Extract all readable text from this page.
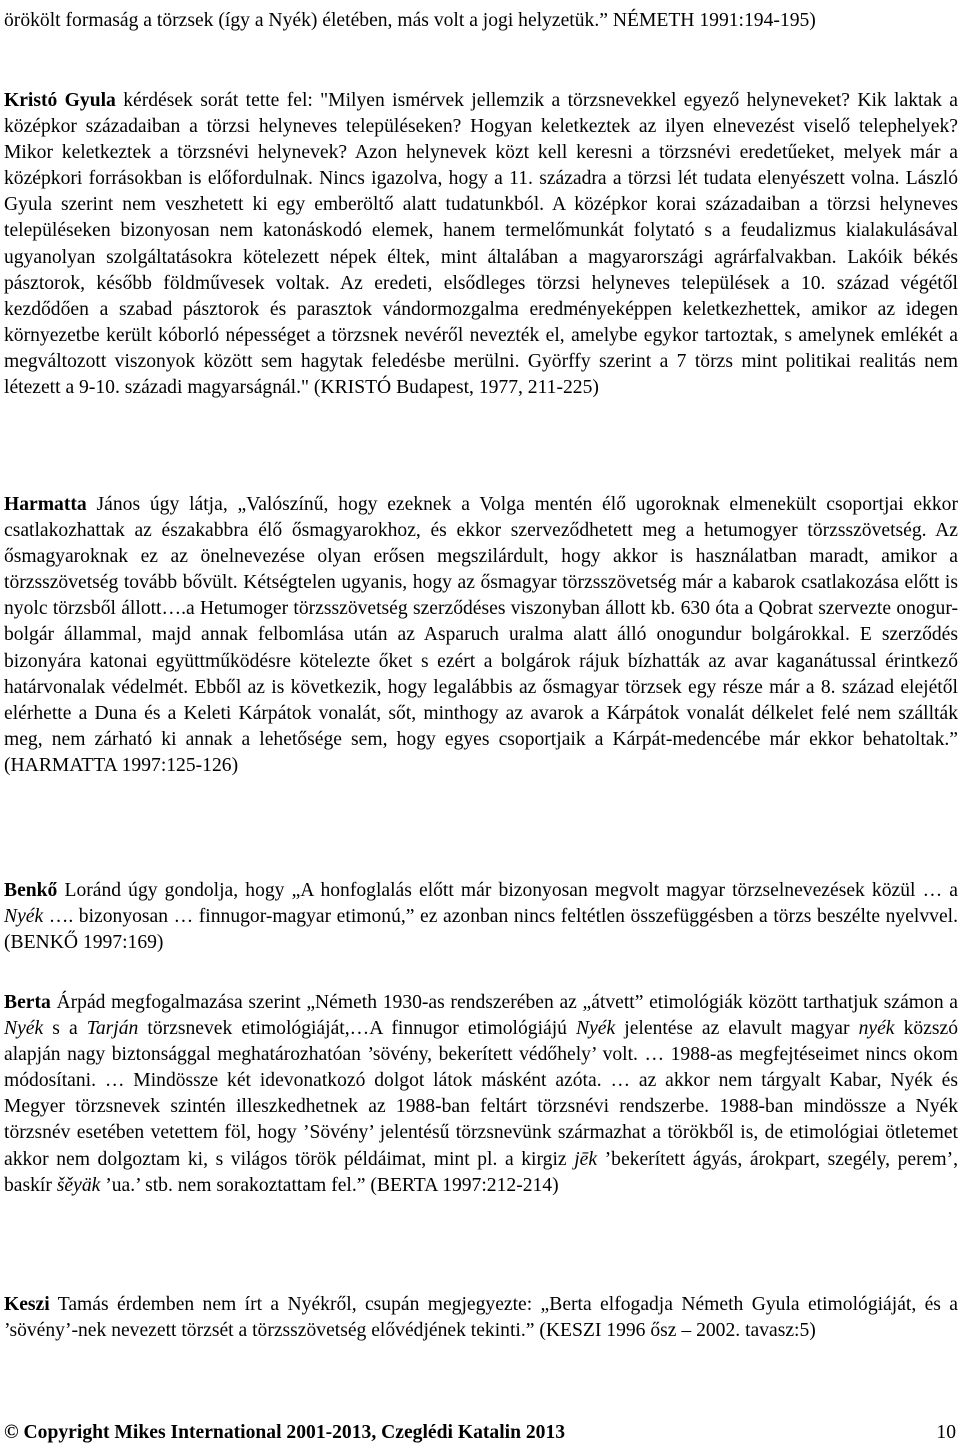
örökölt formaság a törzsek (így a Nyék) életében, más volt a jogi helyzetük.” NÉMETH 1991:194-195)

Kristó Gyula kérdések sorát tette fel: "Milyen ismérvek jellemzik a törzsnevekkel egyező helyneveket? Kik laktak a középkor századaiban a törzsi helyneves településeken? Hogyan keletkeztek az ilyen elnevezést viselő telephelyek? Mikor keletkeztek a törzsnévi helynevek? Azon helynevek közt kell keresni a törzsnévi eredetűeket, melyek már a középkori forrásokban is előfordulnak. Nincs igazolva, hogy a 11. századra a törzsi lét tudata elenyészett volna. László Gyula szerint nem veszhetett ki egy emberöltő alatt tudatunkból. A középkor korai századaiban a törzsi helyneves településeken bizonyosan nem katonáskodó elemek, hanem termelőmunkát folytató s a feudalizmus kialakulásával ugyanolyan szolgáltatásokra kötelezett népek éltek, mint általában a magyarországi agrárfalvakban. Lakóik békés pásztorok, később földművesek voltak. Az eredeti, elsődleges törzsi helyneves települések a 10. század végétől kezdődően a szabad pásztorok és parasztok vándormozgalma eredményeképpen keletkezhettek, amikor az idegen környezetbe került kóborló népességet a törzsnek nevéről nevezték el, amelybe egykor tartoztak, s amelynek emlékét a megváltozott viszonyok között sem hagytak feledésbe merülni. Györffy szerint a 7 törzs mint politikai realitás nem létezett a 9-10. századi magyarságnál." (KRISTÓ Budapest, 1977, 211-225)

Harmatta János úgy látja, „Valószínű, hogy ezeknek a Volga mentén élő ugoroknak elmenekült csoportjai ekkor csatlakozhattak az északabbra élő ősmagyarokhoz, és ekkor szerveződhetett meg a hetumogyer törzsszövetség. Az ősmagyaroknak ez az önelnevezése olyan erősen megszilárdult, hogy akkor is használatban maradt, amikor a törzsszövetség tovább bővült. Kétségtelen ugyanis, hogy az ősmagyar törzsszövetség már a kabarok csatlakozása előtt is nyolc törzsből állott….a Hetumoger törzsszövetség szerződéses viszonyban állott kb. 630 óta a Qobrat szervezte onogur-bolgár állammal, majd annak felbomlása után az Asparuch uralma alatt álló onogundur bolgárokkal. E szerződés bizonyára katonai együttműködésre kötelezte őket s ezért a bolgárok rájuk bízhatták az avar kaganátussal érintkező határvonalak védelmét. Ebből az is következik, hogy legalábbis az ősmagyar törzsek egy része már a 8. század elejétől elérhette a Duna és a Keleti Kárpátok vonalát, sőt, minthogy az avarok a Kárpátok vonalát délkelet felé nem szállták meg, nem zárható ki annak a lehetősége sem, hogy egyes csoportjaik a Kárpát-medencébe már ekkor behatoltak.” (HARMATTA 1997:125-126)

Benkő Loránd úgy gondolja, hogy „A honfoglalás előtt már bizonyosan megvolt magyar törzselnevezések közül … a Nyék …. bizonyosan … finnugor-magyar etimonú,” ez azonban nincs feltétlen összefüggésben a törzs beszélte nyelvvel. (BENKŐ 1997:169)

Berta Árpád megfogalmazása szerint „Németh 1930-as rendszerében az „átvett” etimológiák között tarthatjuk számon a Nyék s a Tarján törzsnevek etimológiáját,…A finnugor etimológiájú Nyék jelentése az elavult magyar nyék közszó alapján nagy biztonsággal meghatározhatóan ’sövény, bekerített védőhely’ volt. … 1988-as megfejtéseimet nincs okom módosítani. … Mindössze két idevonatkozó dolgot látok másként azóta. … az akkor nem tárgyalt Kabar, Nyék és Megyer törzsnevek szintén illeszkedhetnek az 1988-ban feltárt törzsnévi rendszerbe. 1988-ban mindössze a Nyék törzsnév esetében vetettem föl, hogy ’Sövény’ jelentésű törzsnevünk származhat a törökből is, de etimológiai ötletemet akkor nem dolgoztam ki, s világos török példáimat, mint pl. a kirgiz jēk ’bekerített ágyás, árokpart, szegély, perem’, baskír šěyäk ’ua.’ stb. nem sorakoztattam fel.” (BERTA 1997:212-214)

Keszi Tamás érdemben nem írt a Nyékről, csupán megjegyezte: „Berta elfogadja Németh Gyula etimológiáját, és a ’sövény’-nek nevezett törzsét a törzsszövetség elővédjének tekinti.” (KESZI 1996 ősz – 2002. tavasz:5)

© Copyright Mikes International 2001-2013, Czeglédi Katalin 2013	10
